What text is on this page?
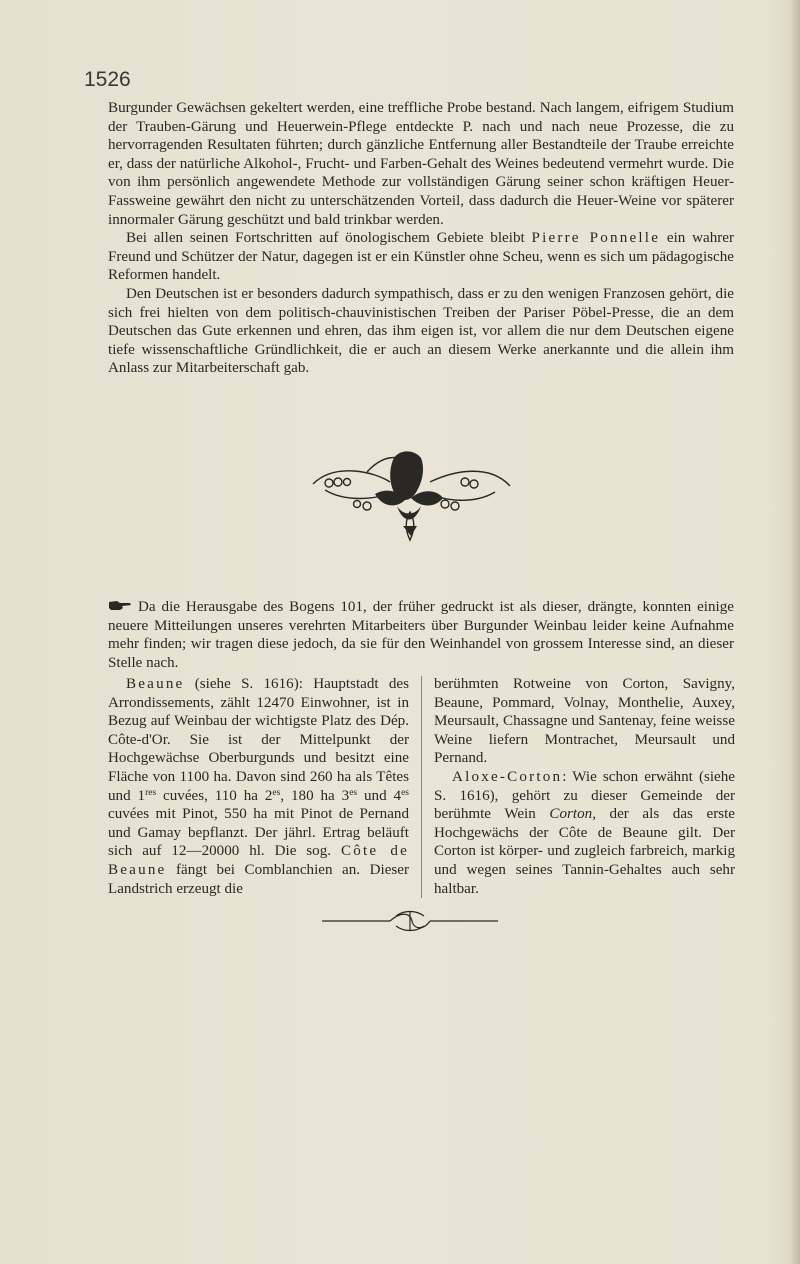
1526

Burgunder Gewächsen gekeltert werden, eine treffliche Probe bestand. Nach langem, eifrigem Studium der Trauben-Gärung und Heuerwein-Pflege entdeckte P. nach und nach neue Prozesse, die zu hervorragenden Resultaten führten; durch gänzliche Entfernung aller Bestandteile der Traube erreichte er, dass der natürliche Alkohol-, Frucht- und Farben-Gehalt des Weines bedeutend vermehrt wurde. Die von ihm persönlich angewendete Methode zur vollständigen Gärung seiner schon kräftigen Heuer-Fassweine gewährt den nicht zu unterschätzenden Vorteil, dass dadurch die Heuer-Weine vor späterer innormaler Gärung geschützt und bald trinkbar werden.

Bei allen seinen Fortschritten auf önologischem Gebiete bleibt Pierre Ponnelle ein wahrer Freund und Schützer der Natur, dagegen ist er ein Künstler ohne Scheu, wenn es sich um pädagogische Reformen handelt.

Den Deutschen ist er besonders dadurch sympathisch, dass er zu den wenigen Franzosen gehört, die sich frei hielten von dem politisch-chauvinistischen Treiben der Pariser Pöbel-Presse, die an dem Deutschen das Gute erkennen und ehren, das ihm eigen ist, vor allem die nur dem Deutschen eigene tiefe wissenschaftliche Gründlichkeit, die er auch an diesem Werke anerkannte und die allein ihm Anlass zur Mitarbeiterschaft gab.

Da die Herausgabe des Bogens 101, der früher gedruckt ist als dieser, drängte, konnten einige neuere Mitteilungen unseres verehrten Mitarbeiters über Burgunder Weinbau leider keine Aufnahme mehr finden; wir tragen diese jedoch, da sie für den Weinhandel von grossem Interesse sind, an dieser Stelle nach.

Beaune (siehe S. 1616): Hauptstadt des Arrondissements, zählt 12470 Einwohner, ist in Bezug auf Weinbau der wichtigste Platz des Dép. Côte-d'Or. Sie ist der Mittelpunkt der Hochgewächse Oberburgunds und besitzt eine Fläche von 1100 ha. Davon sind 260 ha als Têtes und 1res cuvées, 110 ha $2^{es}$, 180 ha $3^{es}$ und $4^{es}$ cuvées mit Pinot, 550 ha mit Pinot de Pernand und Gamay bepflanzt. Der jährl. Ertrag beläuft sich auf 12—20000 hl. Die sog. Côte de Beaune fängt bei Comblanchien an. Dieser Landstrich erzeugt die

berühmten Rotweine von Corton, Savigny, Beaune, Pommard, Volnay, Monthelie, Auxey, Meursault, Chassagne und Santenay, feine weisse Weine liefern Montrachet, Meursault und Pernand.

Aloxe-Corton: Wie schon erwähnt (siehe S. 1616), gehört zu dieser Gemeinde der berühmte Wein Corton, der als das erste Hochgewächs der Côte de Beaune gilt. Der Corton ist körper- und zugleich farbreich, markig und wegen seines Tannin-Gehaltes auch sehr haltbar.
